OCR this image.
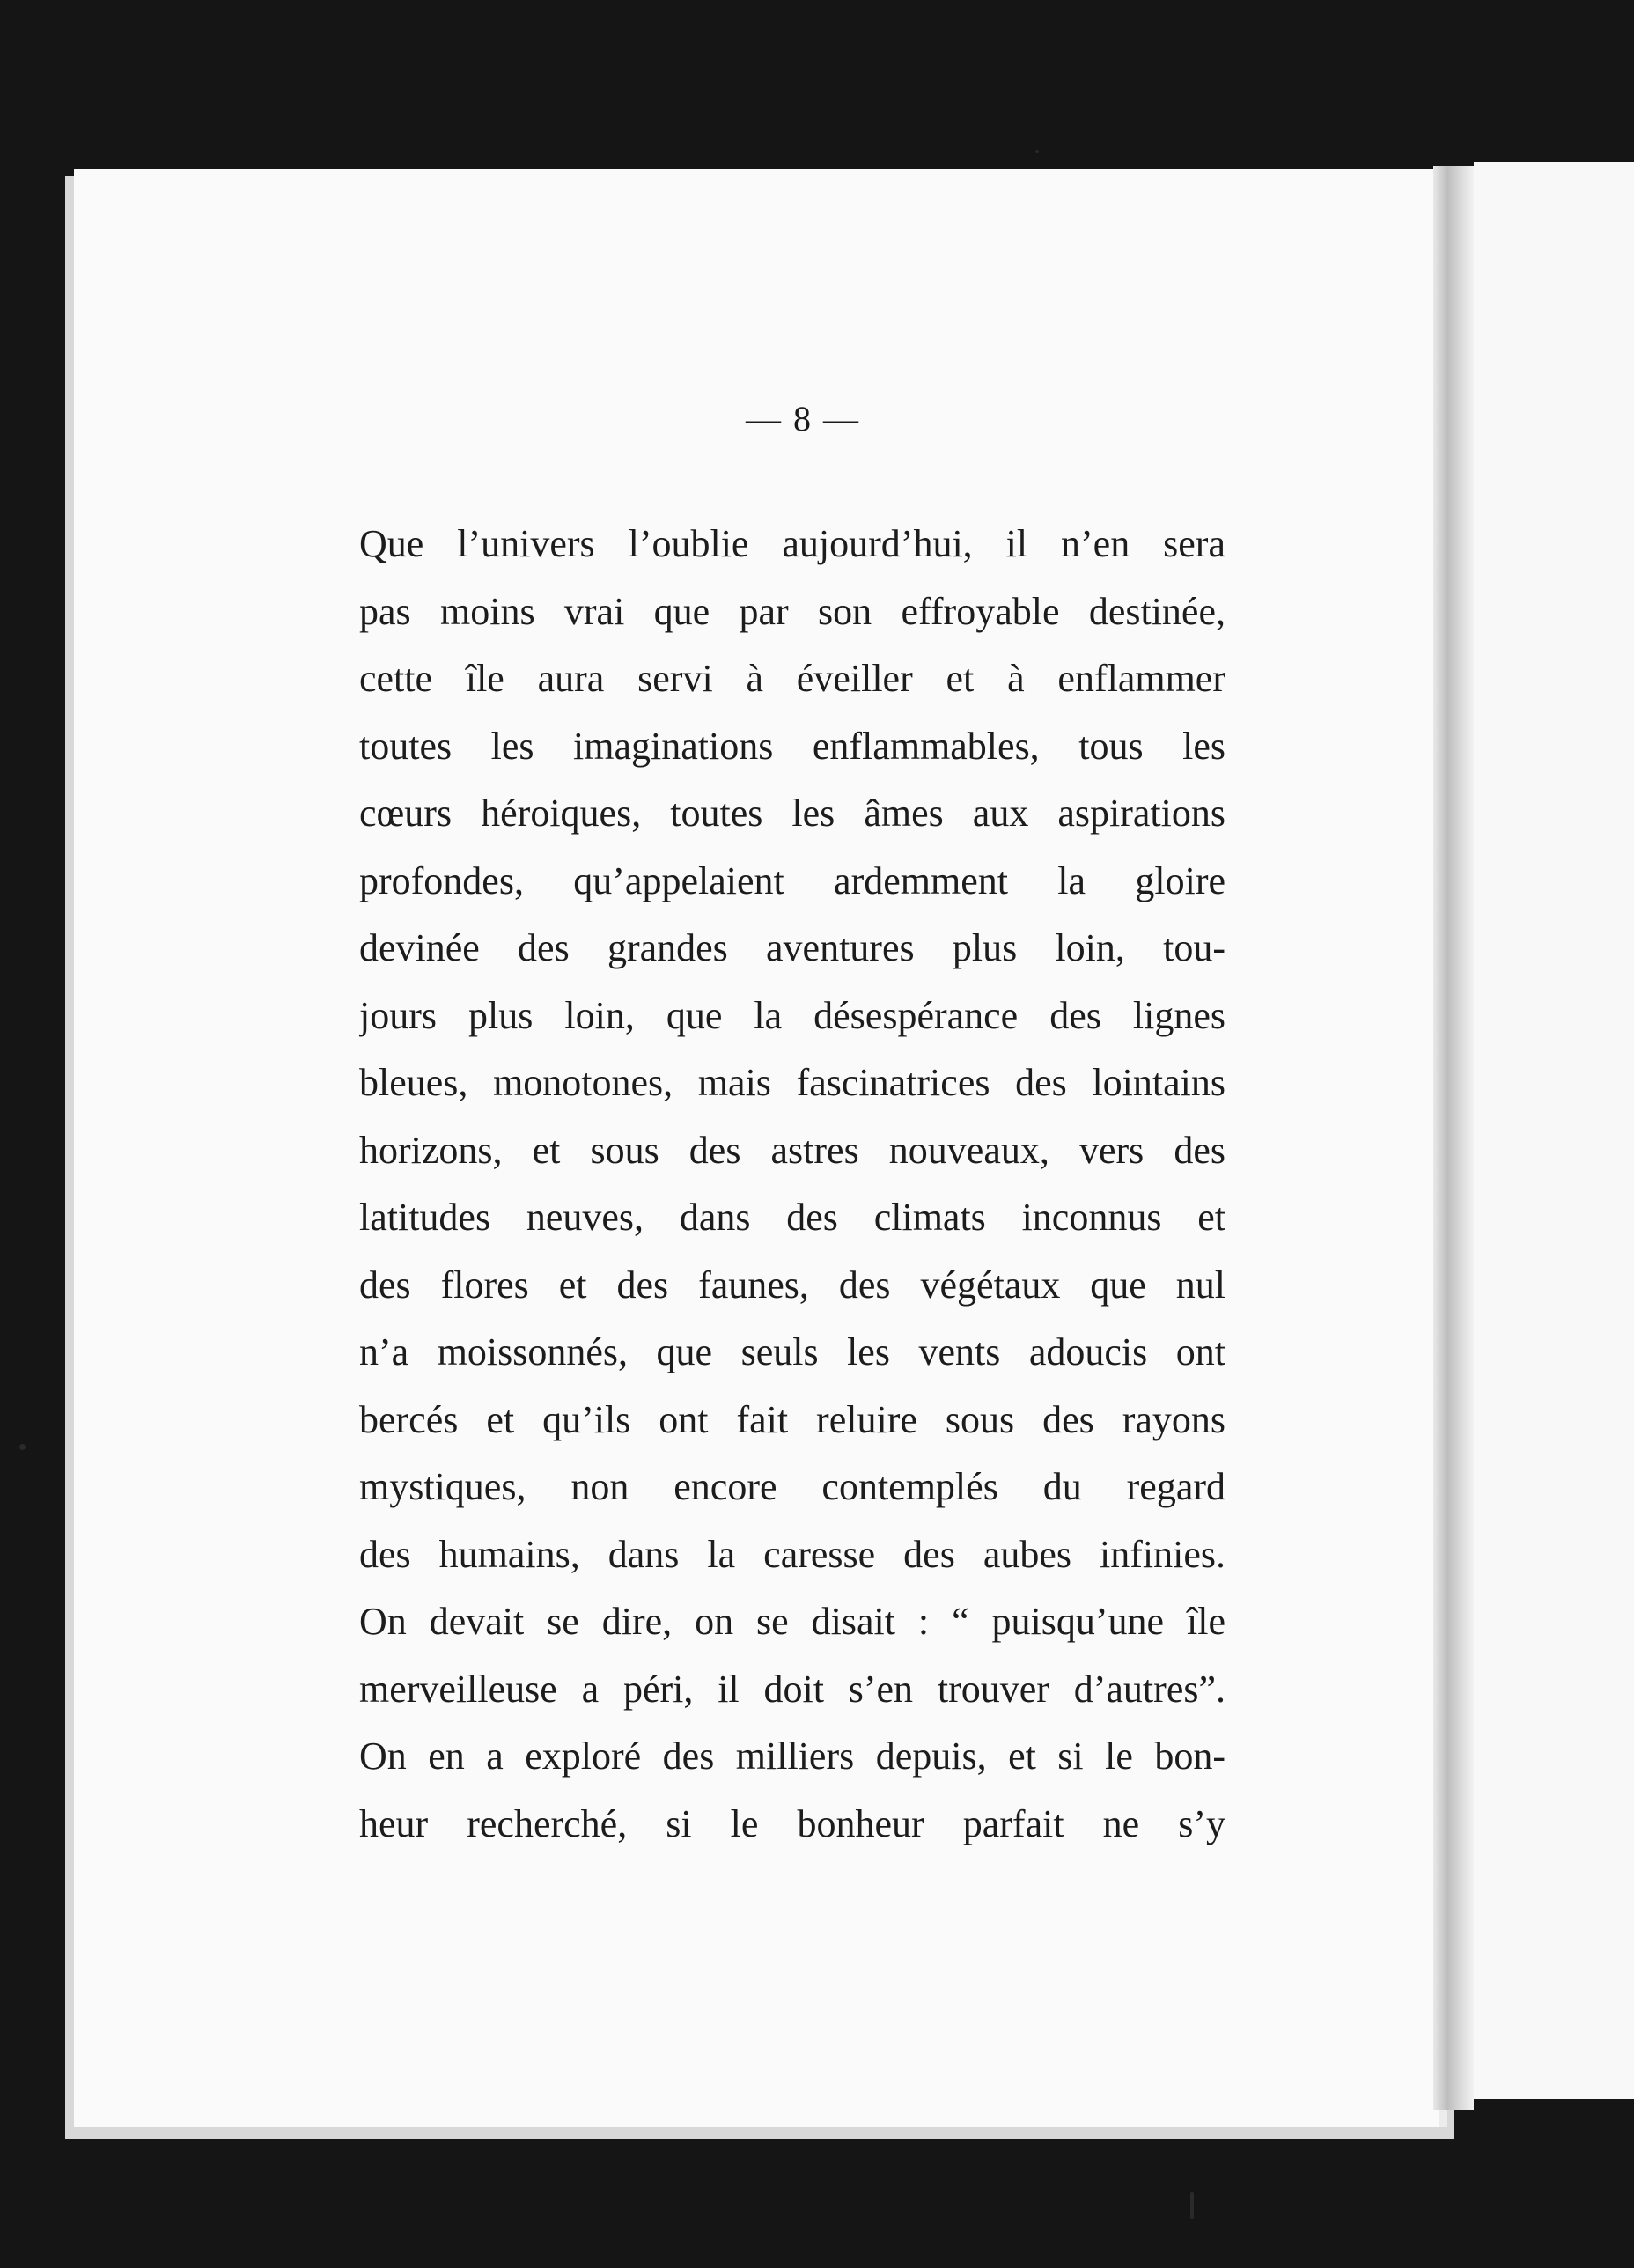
— 8 —
Que l’univers l’oublie aujourd’hui, il n’en sera
pas moins vrai que par son effroyable destinée,
cette île aura servi à éveiller et à enflammer
toutes les imaginations enflammables, tous les
cœurs héroiques, toutes les âmes aux aspirations
profondes, qu’appelaient ardemment la gloire
devinée des grandes aventures plus loin, tou-
jours plus loin, que la désespérance des lignes
bleues, monotones, mais fascinatrices des lointains
horizons, et sous des astres nouveaux, vers des
latitudes neuves, dans des climats inconnus et
des flores et des faunes, des végétaux que nul
n’a moissonnés, que seuls les vents adoucis ont
bercés et qu’ils ont fait reluire sous des rayons
mystiques, non encore contemplés du regard
des humains, dans la caresse des aubes infinies.
On devait se dire, on se disait : “ puisqu’une île
merveilleuse a péri, il doit s’en trouver d’autres”.
On en a exploré des milliers depuis, et si le bon-
heur recherché, si le bonheur parfait ne s’y
